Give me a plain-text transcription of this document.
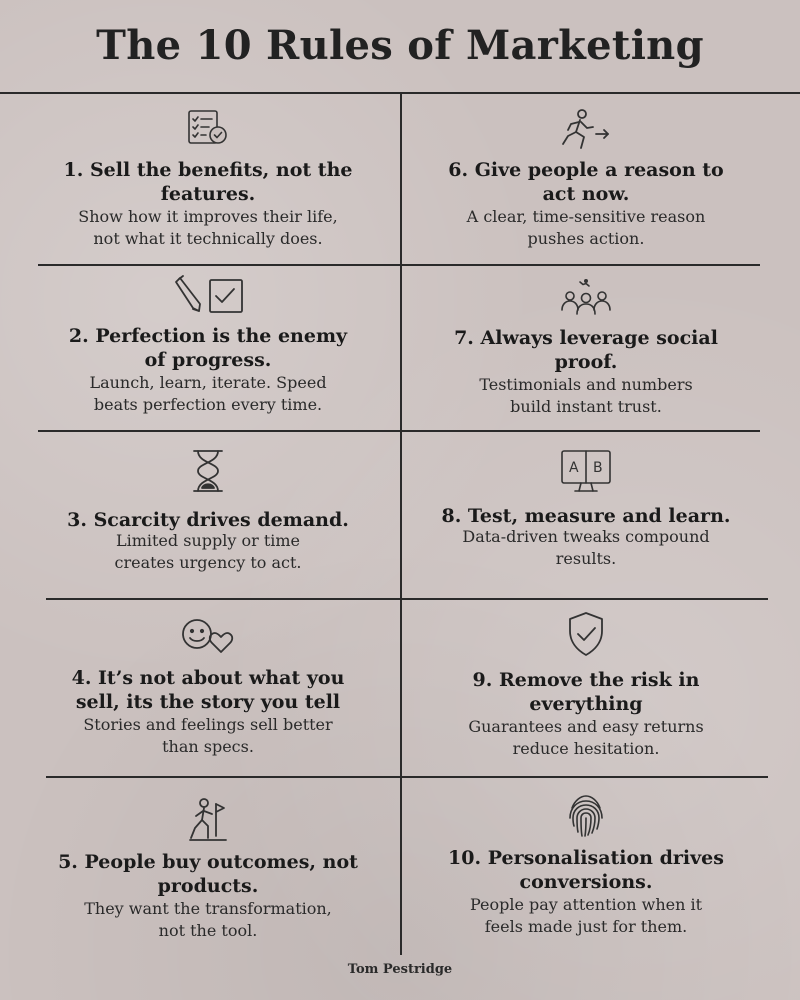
The 10 Rules of Marketing
1. Sell the benefits, not the features.
Show how it improves their life, not what it technically does.
2. Perfection is the enemy of progress.
Launch, learn, iterate. Speed beats perfection every time.
3. Scarcity drives demand.
Limited supply or time creates urgency to act.
4. It’s not about what you sell, its the story you tell
Stories and feelings sell better than specs.
5. People buy outcomes, not products.
They want the transformation, not the tool.
6. Give people a reason to act now.
A clear, time-sensitive reason pushes action.
7. Always leverage social proof.
Testimonials and numbers build instant trust.
A B
8. Test, measure and learn.
Data-driven tweaks compound results.
9. Remove the risk in everything
Guarantees and easy returns reduce hesitation.
10. Personalisation drives conversions.
People pay attention when it feels made just for them.
Tom Pestridge
